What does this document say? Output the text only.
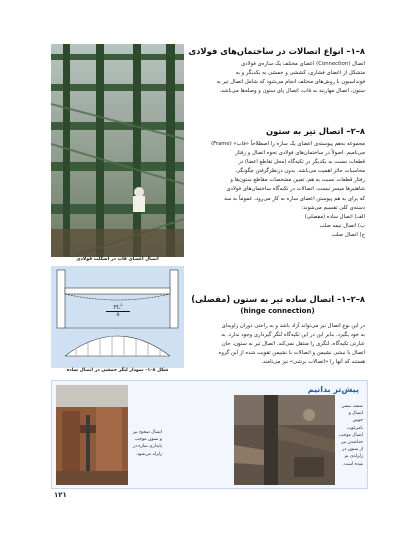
اتصال اعضای قاب در اسکلت فولادی
$PL^2$
8
شکل ۸–۱– نمودار لنگر خمشی در اتصال ساده
۸–۱– انواع اتصالات در ساختمان‌های فولادی
اتصال (Connection) اعضای مختلف یک سازه‌ی فولادی
متشکل از اعضای فشاری، کششی و خمشی به یکدیگر و به
فونداسیون با روش‌های مختلف انجام می‌شود که شامل اتصال تیر به
ستون، اتصال مهاربند به قاب، اتصال پای ستون و وصله‌ها می‌باشد.
۸–۲– اتصال تیر به ستون
مجموعه به‌هم پیوسته‌ی اعضای یک سازه را اصطلاحاً «قاب» (Frame)
می‌نامیم. اصولاً در ساختمان‌های فولادی نحوه اتصال و رفتار
قطعات نسبت به یکدیگر در تکیه‌گاه (محل تقاطع اعضا) در
محاسبات حائز اهمیت می‌باشد. بدون درنظرگرفتن چگونگی
رفتار قطعات نسبت به هم، تعیین مشخصات مقاطع ستون‌ها و
شاهتیرها میسر نیست. اتصالات در تکیه‌گاه ساختمان‌های فولادی
که برای به هم پیوستن اعضای سازه به کار می‌رود، عموماً به سه
دسته‌ی کلی تقسیم می‌شوند:
الف) اتصال ساده (مفصلی)
ب) اتصال نیمه صلب
ج) اتصال صلب
۸–۲–۱– اتصال ساده تیر به ستون (مفصلی)
(hinge connection)
در این نوع اتصال تیر می‌تواند آزاد باشد و به راحتی دوران زاویه‌ای
به خود بگیرد. بنابر این در این تکیه‌گاه لنگر گیرداری وجود ندارد. به
عبارتی تکیه‌گاه، لنگری را منتقل نمی‌کند. اتصال تیر به ستون، جان
اتصال با نبشی نشیمن و اتصالات با نشیمن تقویت شده از این گروه
هستند که آنها را «اتصالات برشی» نیز می‌نامند.
پیش‌تر بدانیم
ضعف نبشی اتصال و جوش نامرغوب اتصال موجب جداشدن تیر از ستون در زلزله‌ی بم شده است.
اتصال صحیح تیر و ستون موجب پایداری سازه در زلزله می‌شود.
۱۲۱
